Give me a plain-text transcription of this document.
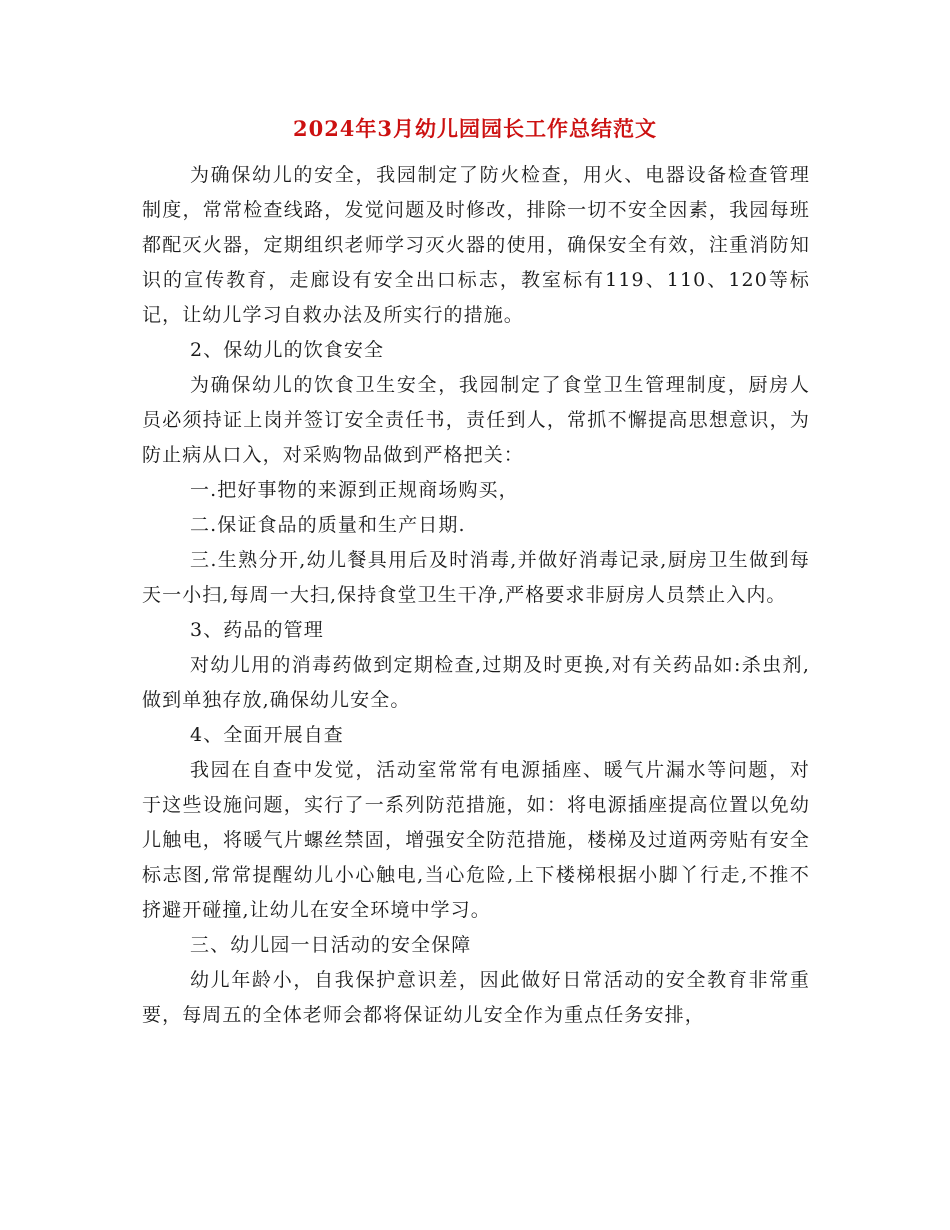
2024年3月幼儿园园长工作总结范文

为确保幼儿的安全，我园制定了防火检查，用火、电器设备检查管理制度，常常检查线路，发觉问题及时修改，排除一切不安全因素，我园每班都配灭火器，定期组织老师学习灭火器的使用，确保安全有效，注重消防知识的宣传教育，走廊设有安全出口标志，教室标有119、110、120等标记，让幼儿学习自救办法及所实行的措施。

2、保幼儿的饮食安全

为确保幼儿的饮食卫生安全，我园制定了食堂卫生管理制度，厨房人员必须持证上岗并签订安全责任书，责任到人，常抓不懈提高思想意识，为防止病从口入，对采购物品做到严格把关：

一.把好事物的来源到正规商场购买，

二.保证食品的质量和生产日期.

三.生熟分开,幼儿餐具用后及时消毒,并做好消毒记录,厨房卫生做到每天一小扫,每周一大扫,保持食堂卫生干净,严格要求非厨房人员禁止入内。

3、药品的管理

对幼儿用的消毒药做到定期检查,过期及时更换,对有关药品如:杀虫剂,做到单独存放,确保幼儿安全。

4、全面开展自查

我园在自查中发觉，活动室常常有电源插座、暖气片漏水等问题，对于这些设施问题，实行了一系列防范措施，如：将电源插座提高位置以免幼儿触电，将暖气片螺丝禁固，增强安全防范措施，楼梯及过道两旁贴有安全标志图,常常提醒幼儿小心触电,当心危险,上下楼梯根据小脚丫行走,不推不挤避开碰撞,让幼儿在安全环境中学习。

三、幼儿园一日活动的安全保障

幼儿年龄小，自我保护意识差，因此做好日常活动的安全教育非常重要，每周五的全体老师会都将保证幼儿安全作为重点任务安排，
